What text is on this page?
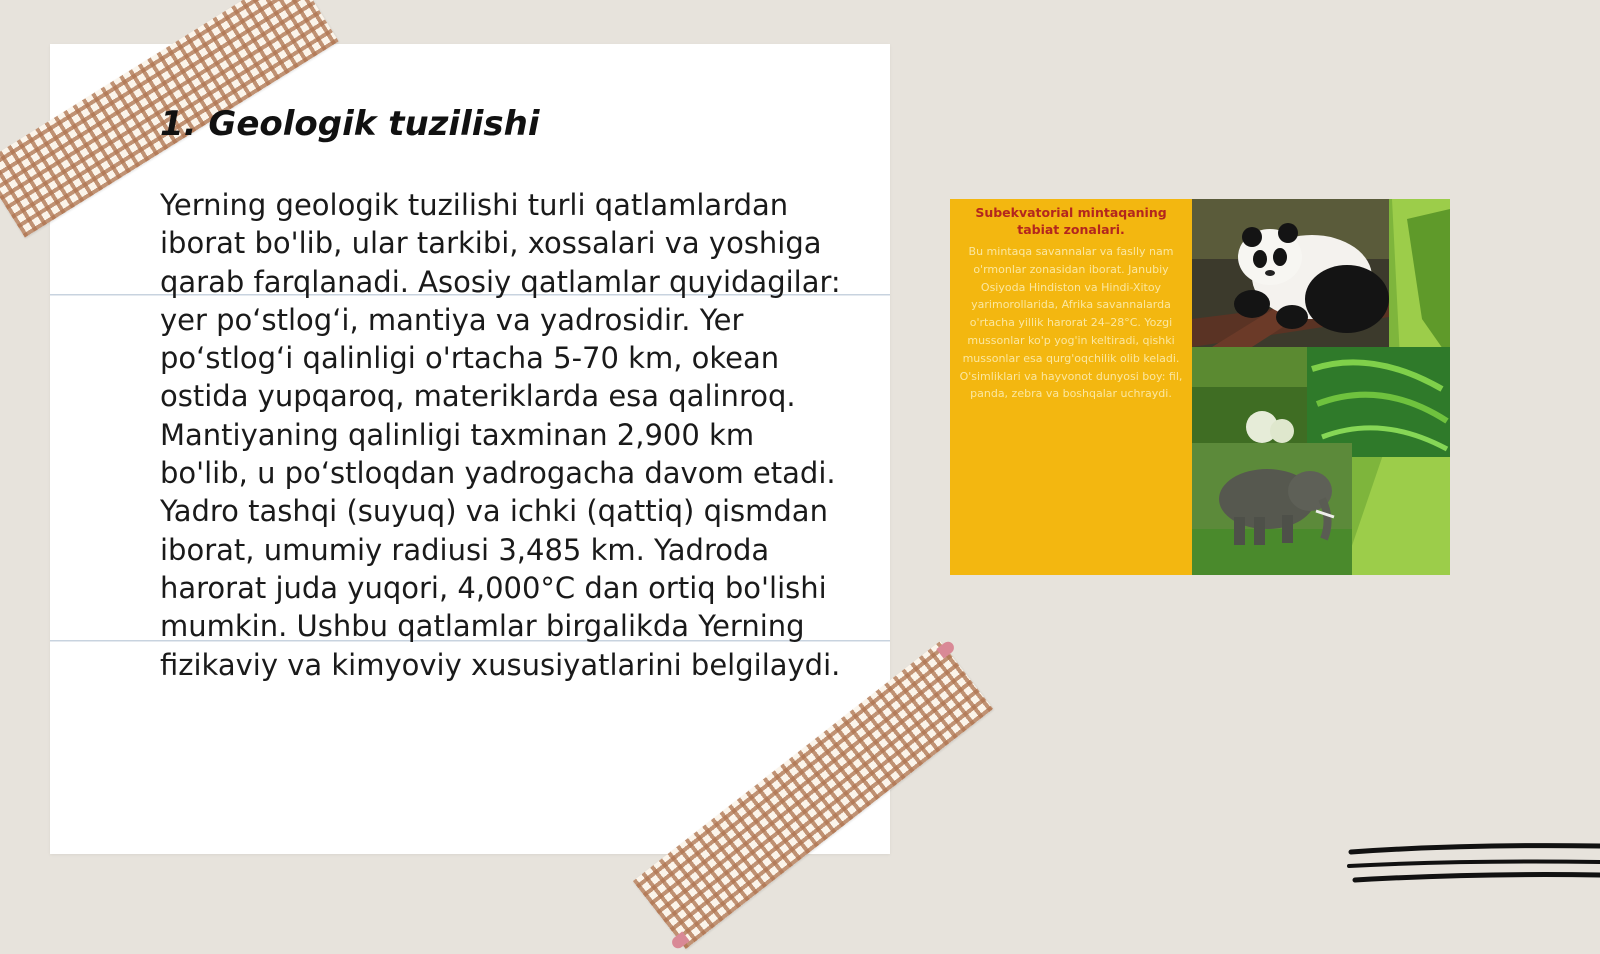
1. Geologik tuzilishi

Yerning geologik tuzilishi turli qatlamlardan iborat bo'lib, ular tarkibi, xossalari va yoshiga qarab farqlanadi. Asosiy qatlamlar quyidagilar: yer po‘stlog‘i, mantiya va yadrosidir. Yer po‘stlog‘i qalinligi o'rtacha 5-70 km, okean ostida yupqaroq, materiklarda esa qalinroq. Mantiyaning qalinligi taxminan 2,900 km bo'lib, u po‘stloqdan yadrogacha davom etadi. Yadro tashqi (suyuq) va ichki (qattiq) qismdan iborat, umumiy radiusi 3,485 km. Yadroda harorat juda yuqori, 4,000°C dan ortiq bo'lishi mumkin. Ushbu qatlamlar birgalikda Yerning fizikaviy va kimyoviy xususiyatlarini belgilaydi.

Subekvatorial mintaqaning tabiat zonalari.
Bu mintaqa savannalar va faslly nam o'rmonlar zonasidan iborat. Janubiy Osiyoda Hindiston va Hindi-Xitoy yarimorollarida, Afrika savannalarda o'rtacha yillik harorat 24–28°C. Yozgi mussonlar ko'p yog'in keltiradi, qishki mussonlar esa qurg'oqchilik olib keladi. O'simliklari va hayvonot dunyosi boy: fil, panda, zebra va boshqalar uchraydi.
